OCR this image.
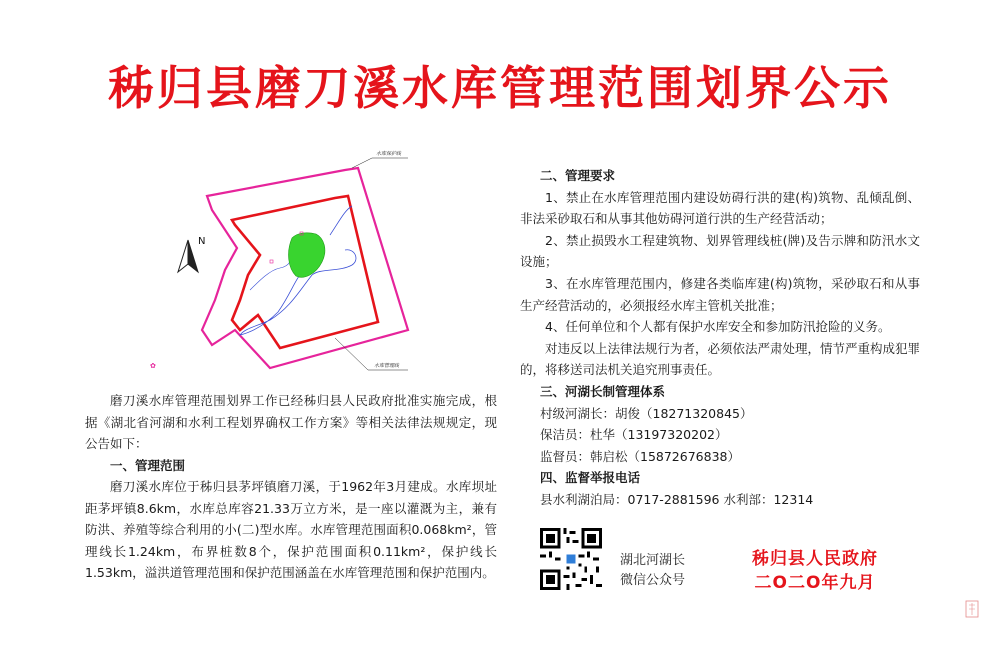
秭归县磨刀溪水库管理范围划界公示
N
✿
水库保护线
水库管理线

磨刀溪水库管理范围划界工作已经秭归县人民政府批准实施完成，根据《湖北省河湖和水利工程划界确权工作方案》等相关法律法规规定，现公告如下：

一、管理范围

磨刀溪水库位于秭归县茅坪镇磨刀溪，于1962年3月建成。水库坝址距茅坪镇8.6km，水库总库容21.33万立方米，是一座以灌溉为主，兼有防洪、养殖等综合利用的小(二)型水库。水库管理范围面积0.068km²，管理线长1.24km，布界桩数8个，保护范围面积0.11km²，保护线长1.53km，溢洪道管理范围和保护范围涵盖在水库管理范围和保护范围内。

二、管理要求

1、禁止在水库管理范围内建设妨碍行洪的建(构)筑物、乱倾乱倒、非法采砂取石和从事其他妨碍河道行洪的生产经营活动；

2、禁止损毁水工程建筑物、划界管理线桩(牌)及告示牌和防汛水文设施；

3、在水库管理范围内，修建各类临库建(构)筑物，采砂取石和从事生产经营活动的，必须报经水库主管机关批准；

4、任何单位和个人都有保护水库安全和参加防汛抢险的义务。

对违反以上法律法规行为者，必须依法严肃处理，情节严重构成犯罪的，将移送司法机关追究刑事责任。

三、河湖长制管理体系
村级河湖长：胡俊（18271320845）
保洁员：杜华（13197320202）
监督员：韩启松（15872676838）
四、监督举报电话
县水利湖泊局：0717-2881596 水利部：12314
湖北河湖长
微信公众号
秭归县人民政府
二O二O年九月
